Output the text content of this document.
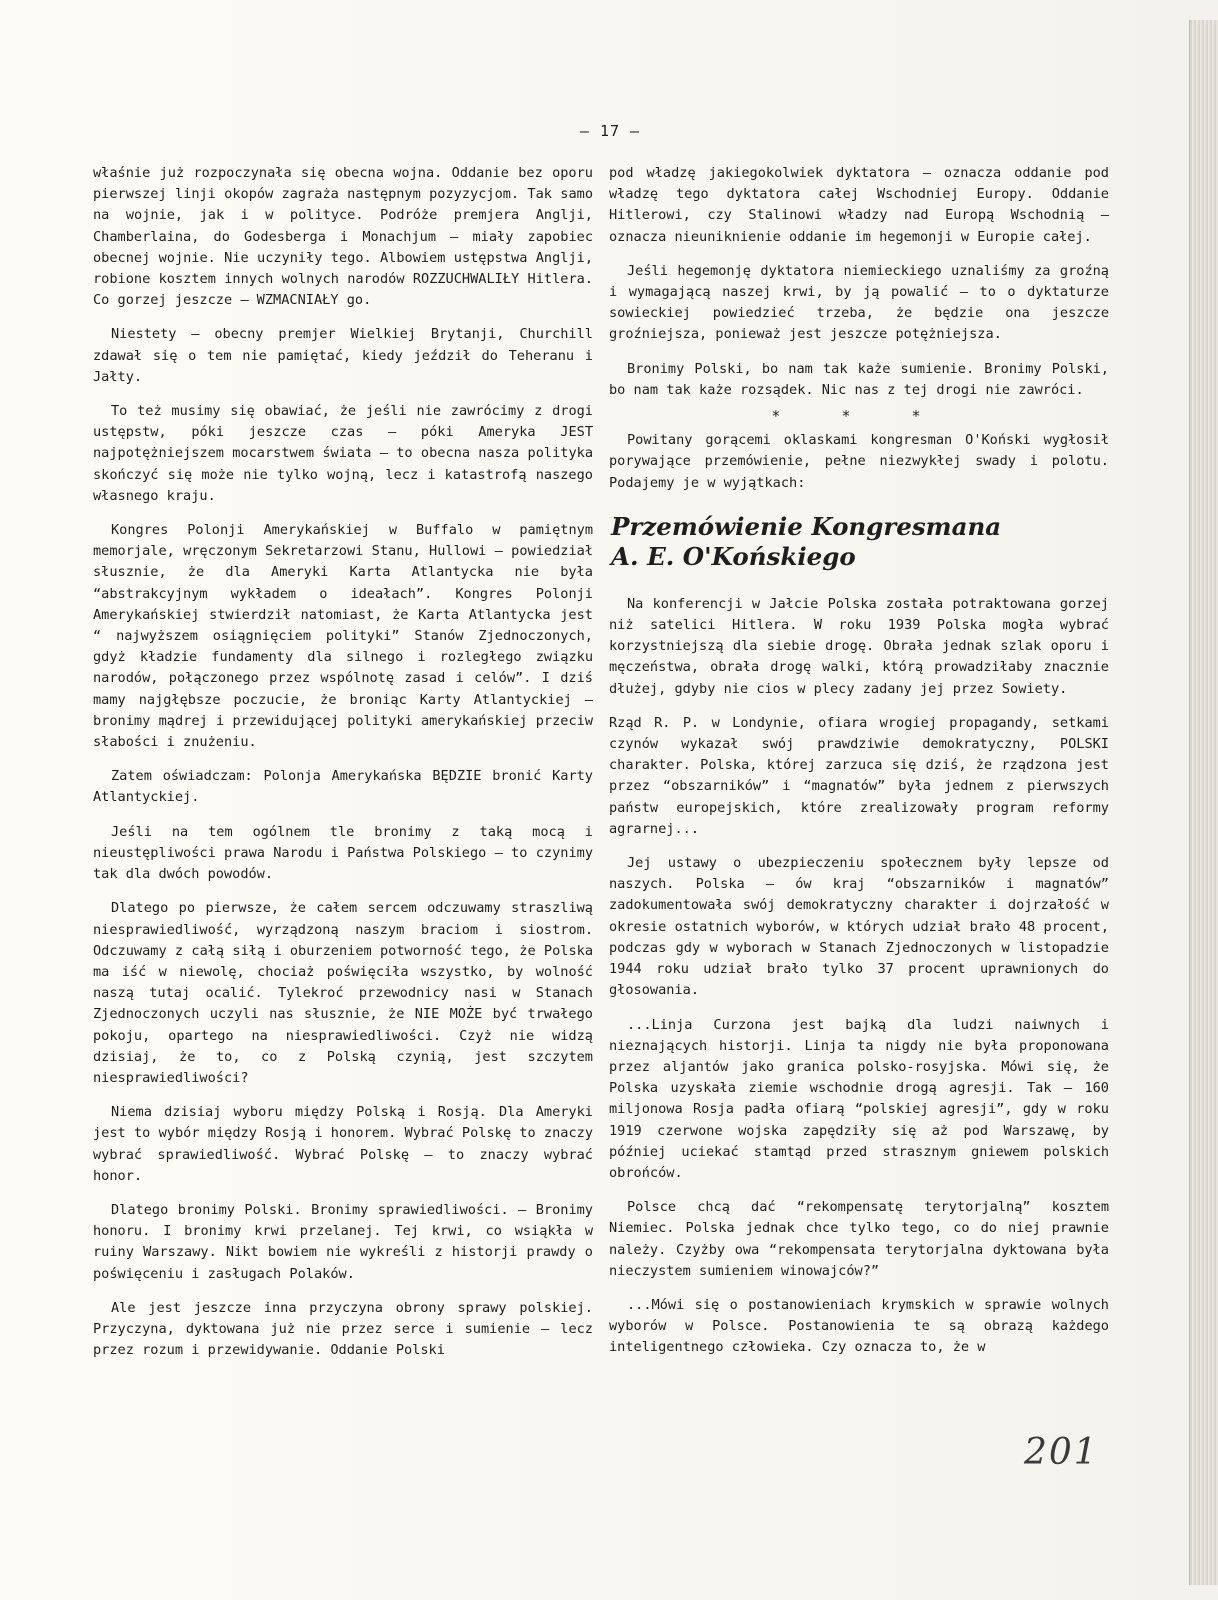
— 17 —

właśnie już rozpoczynała się obecna wojna. Oddanie bez oporu pierwszej linji okopów zagraża następnym pozyzycjom. Tak samo na wojnie, jak i w polityce. Podróże premjera Anglji, Chamberlaina, do Godesberga i Monachjum — miały zapobiec obecnej wojnie. Nie uczyniły tego. Albowiem ustępstwa Anglji, robione kosztem innych wolnych narodów ROZZUCHWALIŁY Hitlera. Co gorzej jeszcze — WZMACNIAŁY go.

Niestety — obecny premjer Wielkiej Brytanji, Churchill zdawał się o tem nie pamiętać, kiedy jeździł do Teheranu i Jałty.

To też musimy się obawiać, że jeśli nie zawrócimy z drogi ustępstw, póki jeszcze czas — póki Ameryka JEST najpotężniejszem mocarstwem świata — to obecna nasza polityka skończyć się może nie tylko wojną, lecz i katastrofą naszego własnego kraju.

Kongres Polonji Amerykańskiej w Buffalo w pamiętnym memorjale, wręczonym Sekretarzowi Stanu, Hullowi — powiedział słusznie, że dla Ameryki Karta Atlantycka nie była “abstrakcyjnym wykładem o ideałach”. Kongres Polonji Amerykańskiej stwierdził natomiast, że Karta Atlantycka jest “ najwyższem osiągnięciem polityki” Stanów Zjednoczonych, gdyż kładzie fundamenty dla silnego i rozległego związku narodów, połączonego przez wspólnotę zasad i celów”. I dziś mamy najgłębsze poczucie, że broniąc Karty Atlantyckiej — bronimy mądrej i przewidującej polityki amerykańskiej przeciw słabości i znużeniu.

Zatem oświadczam: Polonja Amerykańska BĘDZIE bronić Karty Atlantyckiej.

Jeśli na tem ogólnem tle bronimy z taką mocą i nieustępliwości prawa Narodu i Państwa Polskiego — to czynimy tak dla dwóch powodów.

Dlatego po pierwsze, że całem sercem odczuwamy straszliwą niesprawiedliwość, wyrządzoną naszym braciom i siostrom. Odczuwamy z całą siłą i oburzeniem potworność tego, że Polska ma iść w niewolę, chociaż poświęciła wszystko, by wolność naszą tutaj ocalić. Tylekroć przewodnicy nasi w Stanach Zjednoczonych uczyli nas słusznie, że NIE MOŻE być trwałego pokoju, opartego na niesprawiedliwości. Czyż nie widzą dzisiaj, że to, co z Polską czynią, jest szczytem niesprawiedliwości?

Niema dzisiaj wyboru między Polską i Rosją. Dla Ameryki jest to wybór między Rosją i honorem. Wybrać Polskę to znaczy wybrać sprawiedliwość. Wybrać Polskę — to znaczy wybrać honor.

Dlatego bronimy Polski. Bronimy sprawiedliwości. — Bronimy honoru. I bronimy krwi przelanej. Tej krwi, co wsiąkła w ruiny Warszawy. Nikt bowiem nie wykreśli z historji prawdy o poświęceniu i zasługach Polaków.

Ale jest jeszcze inna przyczyna obrony sprawy polskiej. Przyczyna, dyktowana już nie przez serce i sumienie — lecz przez rozum i przewidywanie. Oddanie Polski

pod władzę jakiegokolwiek dyktatora — oznacza oddanie pod władzę tego dyktatora całej Wschodniej Europy. Oddanie Hitlerowi, czy Stalinowi władzy nad Europą Wschodnią — oznacza nieuniknienie oddanie im hegemonji w Europie całej.

Jeśli hegemonję dyktatora niemieckiego uznaliśmy za groźną i wymagającą naszej krwi, by ją powalić — to o dyktaturze sowieckiej powiedzieć trzeba, że będzie ona jeszcze groźniejsza, ponieważ jest jeszcze potężniejsza.

Bronimy Polski, bo nam tak każe sumienie. Bronimy Polski, bo nam tak każe rozsądek. Nic nas z tej drogi nie zawróci.

* * *

Powitany gorącemi oklaskami kongresman O'Koński wygłosił porywające przemówienie, pełne niezwykłej swady i polotu. Podajemy je w wyjątkach:

Przemówienie Kongresmana
A. E. O'Końskiego

Na konferencji w Jałcie Polska została potraktowana gorzej niż satelici Hitlera. W roku 1939 Polska mogła wybrać korzystniejszą dla siebie drogę. Obrała jednak szlak oporu i męczeństwa, obrała drogę walki, którą prowadziłaby znacznie dłużej, gdyby nie cios w plecy zadany jej przez Sowiety.

Rząd R. P. w Londynie, ofiara wrogiej propagandy, setkami czynów wykazał swój prawdziwie demokratyczny, POLSKI charakter. Polska, której zarzuca się dziś, że rządzona jest przez “obszarników” i “magnatów” była jednem z pierwszych państw europejskich, które zrealizowały program reformy agrarnej...

Jej ustawy o ubezpieczeniu społecznem były lepsze od naszych. Polska — ów kraj “obszarników i magnatów” zadokumentowała swój demokratyczny charakter i dojrzałość w okresie ostatnich wyborów, w których udział brało 48 procent, podczas gdy w wyborach w Stanach Zjednoczonych w listopadzie 1944 roku udział brało tylko 37 procent uprawnionych do głosowania.

...Linja Curzona jest bajką dla ludzi naiwnych i nieznających historji. Linja ta nigdy nie była proponowana przez aljantów jako granica polsko-rosyjska. Mówi się, że Polska uzyskała ziemie wschodnie drogą agresji. Tak — 160 miljonowa Rosja padła ofiarą “polskiej agresji”, gdy w roku 1919 czerwone wojska zapędziły się aż pod Warszawę, by później uciekać stamtąd przed strasznym gniewem polskich obrońców.

Polsce chcą dać “rekompensatę terytorjalną” kosztem Niemiec. Polska jednak chce tylko tego, co do niej prawnie należy. Czyżby owa “rekompensata terytorjalna dyktowana była nieczystem sumieniem winowajców?”

...Mówi się o postanowieniach krymskich w sprawie wolnych wyborów w Polsce. Postanowienia te są obrazą każdego inteligentnego człowieka. Czy oznacza to, że w

201
